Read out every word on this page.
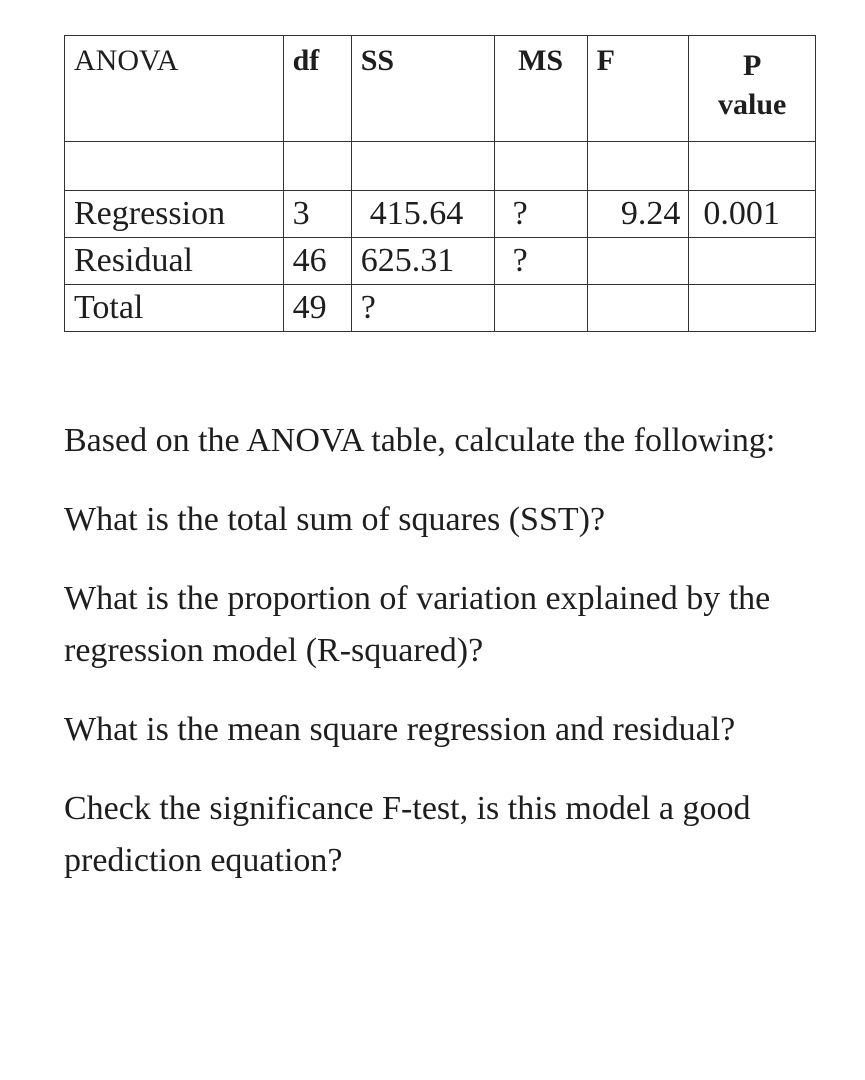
ANOVA	df	SS	MS	F	P
value

Regression	3	415.64	?	9.24	0.001
Residual	46	625.31	?		
Total	49	?			

Based on the ANOVA table, calculate the following:

What is the total sum of squares (SST)?

What is the proportion of variation explained by the regression model (R-squared)?

What is the mean square regression and residual?

Check the significance F-test, is this model a good prediction equation?
